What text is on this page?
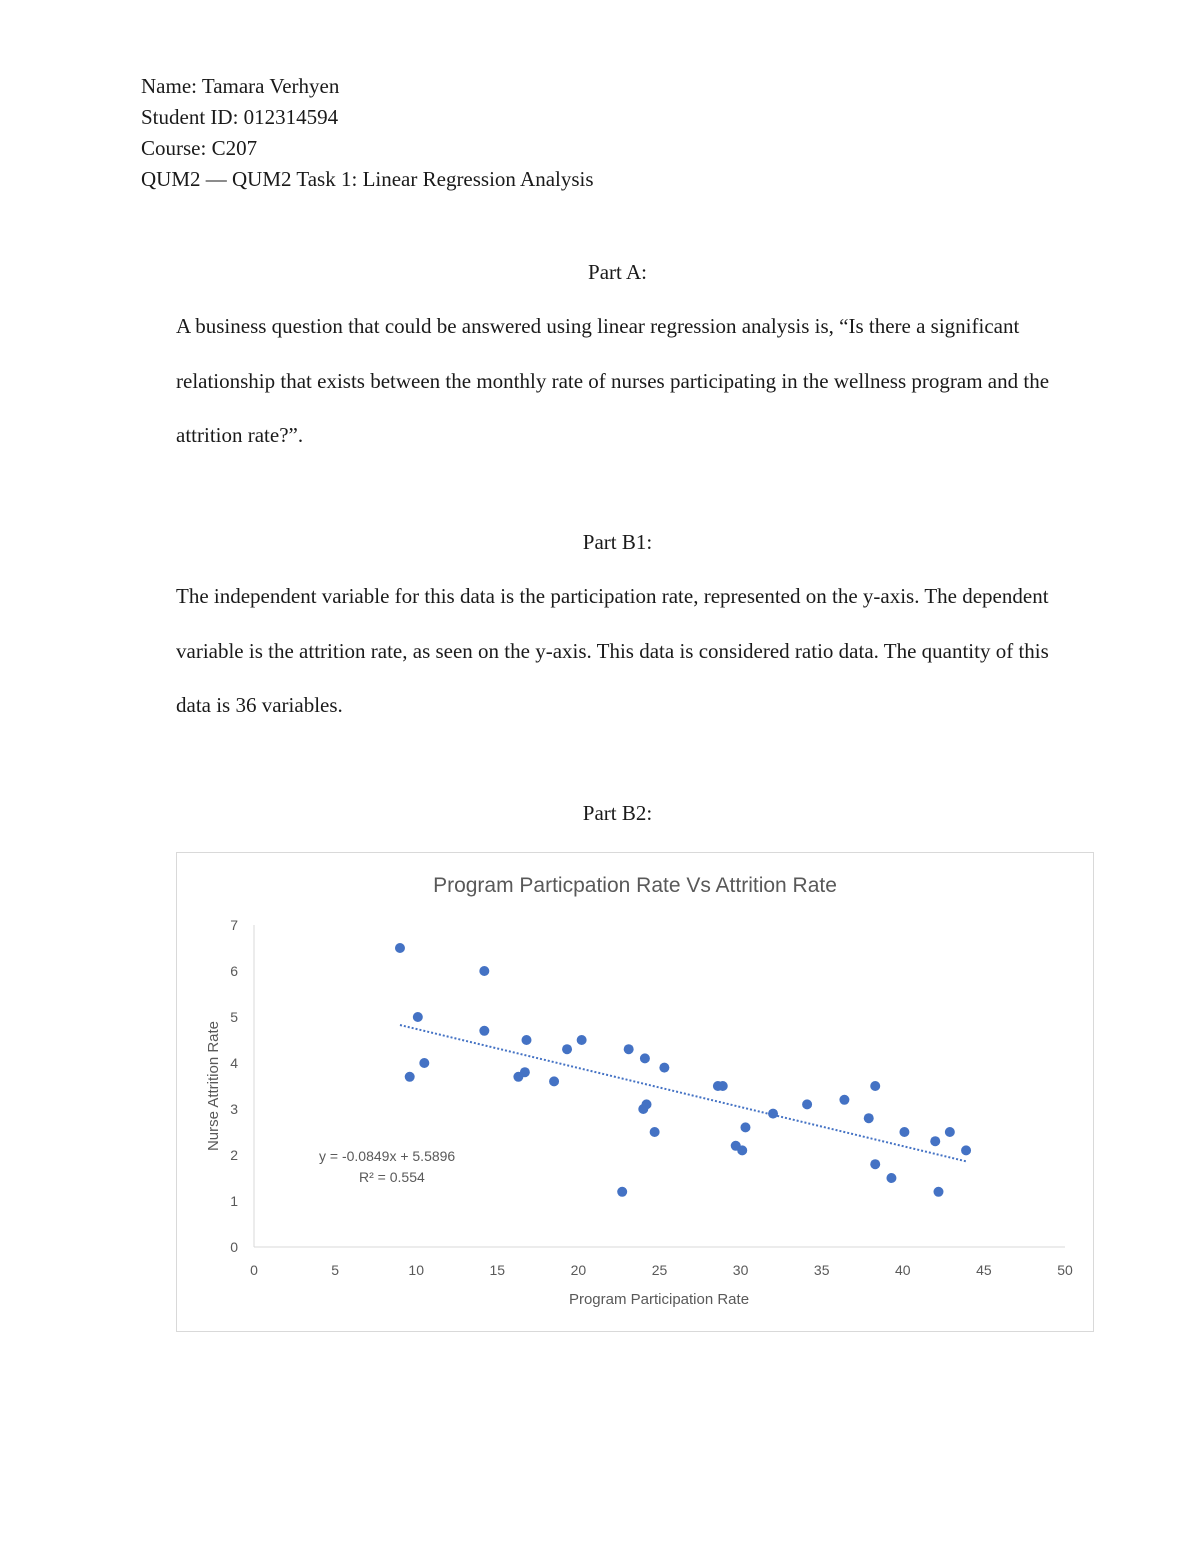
Name: Tamara Verhyen
Student ID: 012314594
Course: C207
QUM2 — QUM2 Task 1: Linear Regression Analysis
Part A:
A business question that could be answered using linear regression analysis is, “Is there a significant relationship that exists between the monthly rate of nurses participating in the wellness program and the attrition rate?”.
Part B1:
The independent variable for this data is the participation rate, represented on the y-axis. The dependent variable is the attrition rate, as seen on the y-axis. This data is considered ratio data. The quantity of this data is 36 variables.
Part B2:
Program Particpation Rate Vs Attrition Rate
0	5	10	15	20	25	30	35	40	45	50
0
1
2
3
4
5
6
7
Program Participation Rate
Nurse Attrition Rate
y = -0.0849x + 5.5896
R² = 0.554
